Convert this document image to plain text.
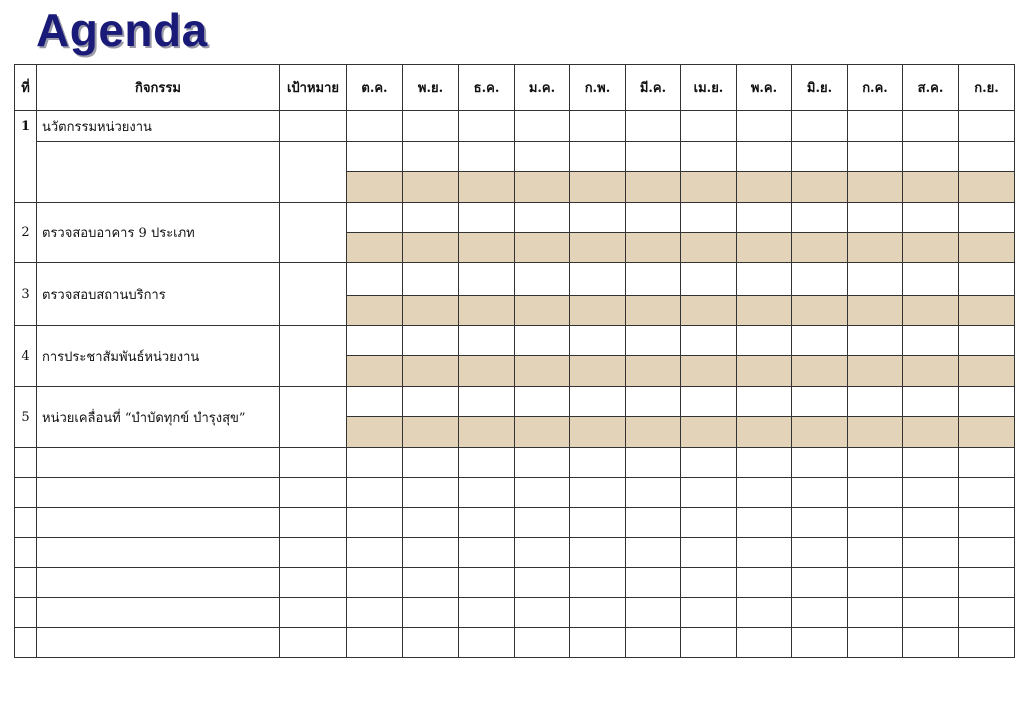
Agenda
ที่	กิจกรรม	เป้าหมาย	ต.ค.	พ.ย.	ธ.ค.	ม.ค.	ก.พ.	มี.ค.	เม.ย.	พ.ค.	มิ.ย.	ก.ค.	ส.ค.	ก.ย.
1	นวัตกรรมหน่วยงาน													

2	ตรวจสอบอาคาร 9 ประเภท													

3	ตรวจสอบสถานบริการ													

4	การประชาสัมพันธ์หน่วยงาน													

5	หน่วยเคลื่อนที่ “บำบัดทุกข์ บำรุงสุข”													
